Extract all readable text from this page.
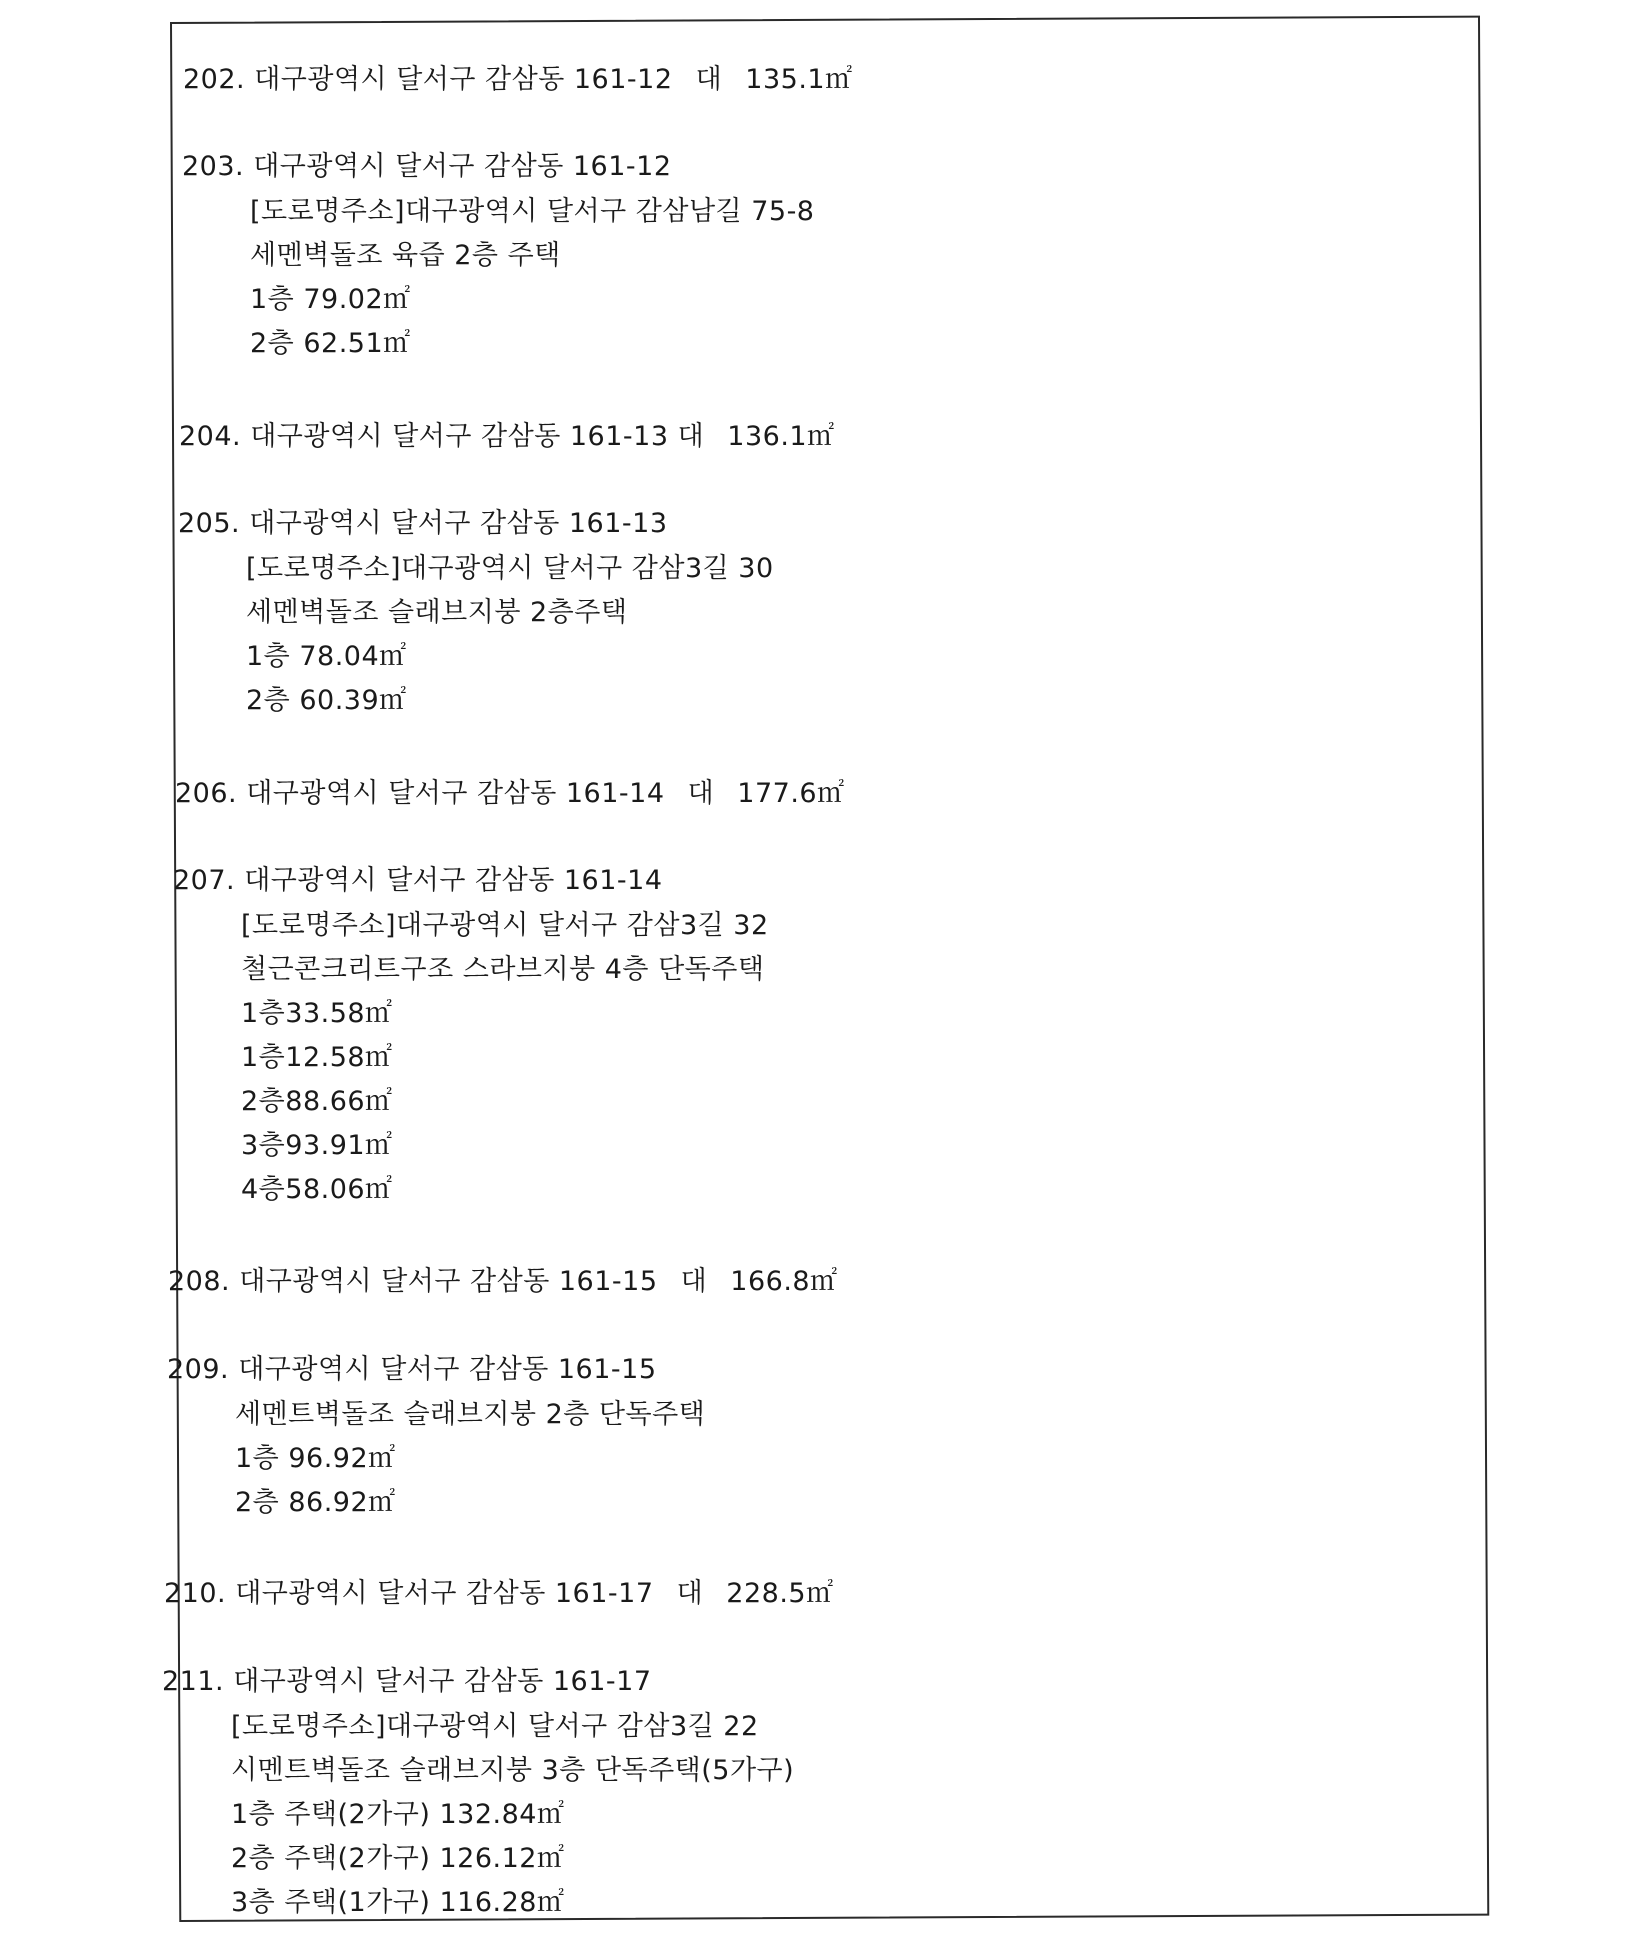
202. 대구광역시 달서구 감삼동 161-12 대 135.1㎡
203. 대구광역시 달서구 감삼동 161-12
[도로명주소]대구광역시 달서구 감삼남길 75-8
세멘벽돌조 육즙 2층 주택
1층 79.02㎡
2층 62.51㎡
204. 대구광역시 달서구 감삼동 161-13 대 136.1㎡
205. 대구광역시 달서구 감삼동 161-13
[도로명주소]대구광역시 달서구 감삼3길 30
세멘벽돌조 슬래브지붕 2층주택
1층 78.04㎡
2층 60.39㎡
206. 대구광역시 달서구 감삼동 161-14 대 177.6㎡
207. 대구광역시 달서구 감삼동 161-14
[도로명주소]대구광역시 달서구 감삼3길 32
철근콘크리트구조 스라브지붕 4층 단독주택
1층33.58㎡
1층12.58㎡
2층88.66㎡
3층93.91㎡
4층58.06㎡
208. 대구광역시 달서구 감삼동 161-15 대 166.8㎡
209. 대구광역시 달서구 감삼동 161-15
세멘트벽돌조 슬래브지붕 2층 단독주택
1층 96.92㎡
2층 86.92㎡
210. 대구광역시 달서구 감삼동 161-17 대 228.5㎡
211. 대구광역시 달서구 감삼동 161-17
[도로명주소]대구광역시 달서구 감삼3길 22
시멘트벽돌조 슬래브지붕 3층 단독주택(5가구)
1층 주택(2가구) 132.84㎡
2층 주택(2가구) 126.12㎡
3층 주택(1가구) 116.28㎡
